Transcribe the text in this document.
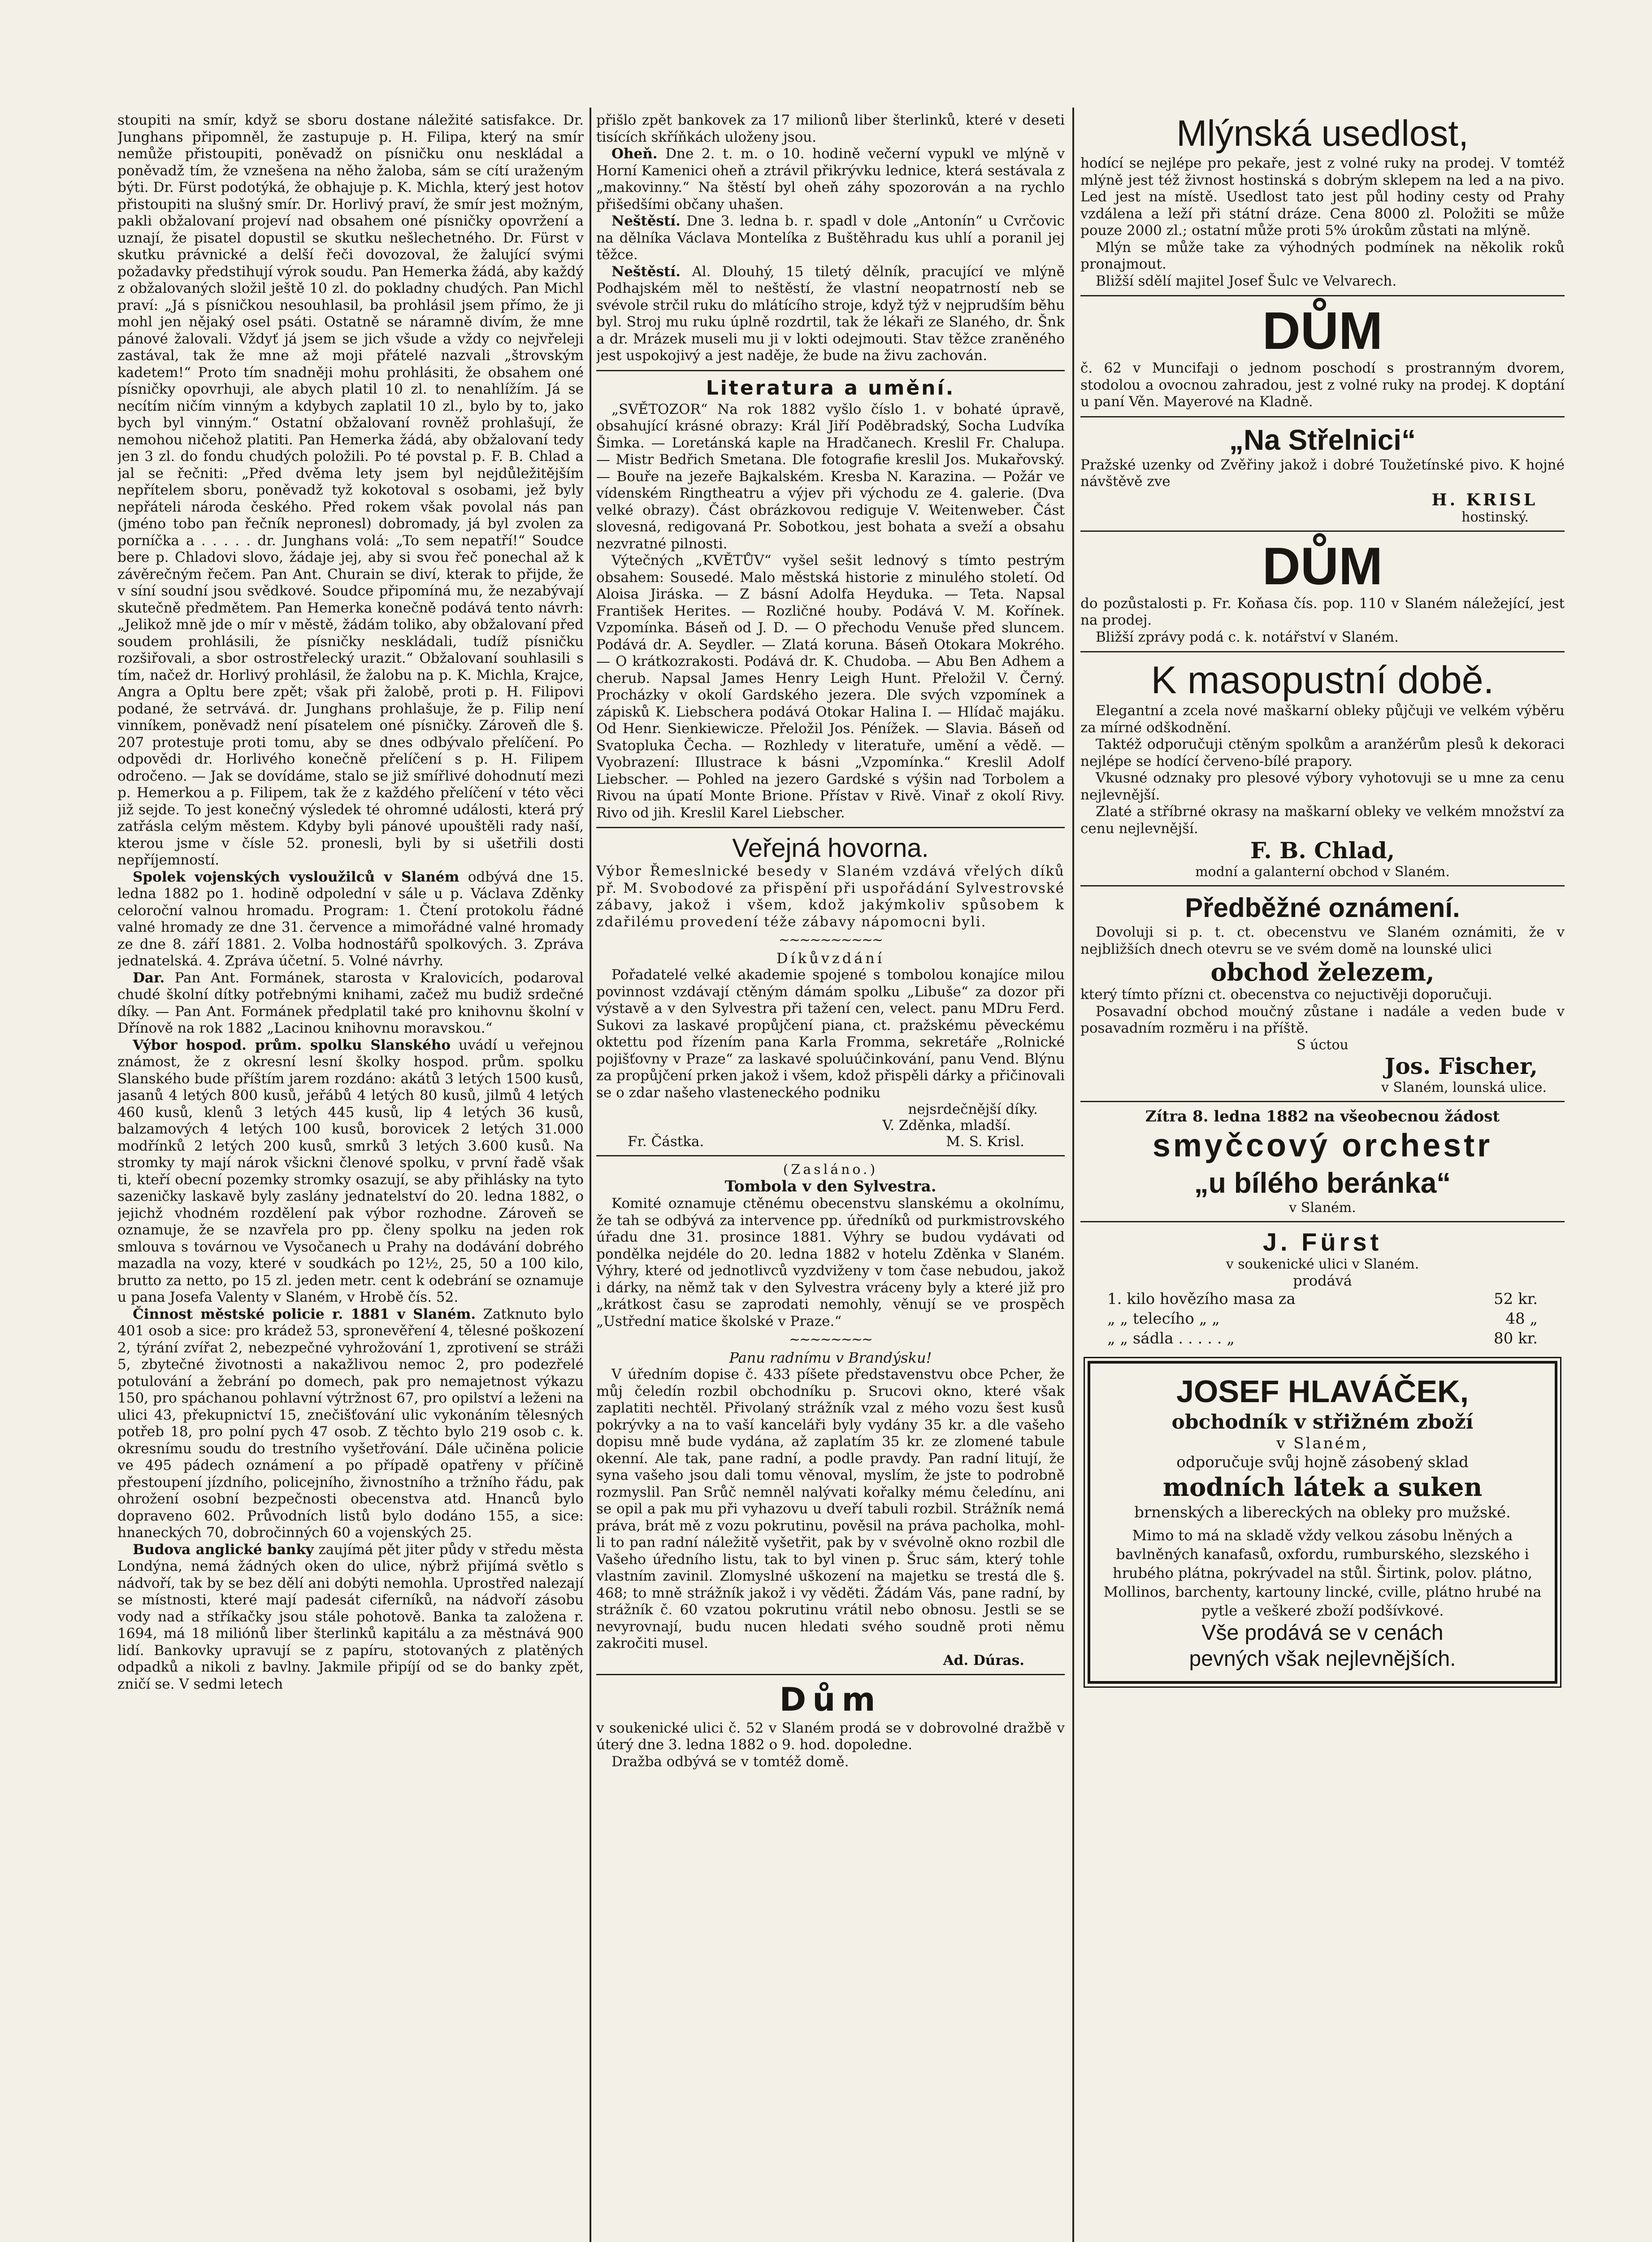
stoupiti na smír, když se sboru dostane náležité satisfakce. Dr. Junghans připomněl, že zastupuje p. H. Filipa, který na smír nemůže přistoupiti, poněvadž on písničku onu neskládal a poněvadž tím, že vznešena na něho žaloba, sám se cítí uraženým býti. Dr. Fürst podotýká, že obhajuje p. K. Michla, který jest hotov přistoupiti na slušný smír. Dr. Horlivý praví, že smír jest možným, pakli obžalovaní projeví nad obsahem oné písničky opovržení a uznají, že pisatel dopustil se skutku nešlechetného. Dr. Fürst v skutku právnické a delší řeči dovozoval, že žalující svými požadavky předstihují výrok soudu. Pan Hemerka žádá, aby každý z obžalovaných složil ještě 10 zl. do pokladny chudých. Pan Michl praví: „Já s písničkou nesouhlasil, ba prohlásil jsem přímo, že ji mohl jen nějaký osel psáti. Ostatně se náramně divím, že mne pánové žalovali. Vždyť já jsem se jich všude a vždy co nejvřeleji zastával, tak že mne až moji přátelé nazvali „štrovským kadetem!“ Proto tím snadněji mohu prohlásiti, že obsahem oné písničky opovrhuji, ale abych platil 10 zl. to nenahlížím. Já se necítím ničím vinným a kdybych zaplatil 10 zl., bylo by to, jako bych byl vinným.“ Ostatní obžalovaní rovněž prohlašují, že nemohou ničehož platiti. Pan Hemerka žádá, aby obžalovaní tedy jen 3 zl. do fondu chudých položili. Po té povstal p. F. B. Chlad a jal se řečniti: „Před dvěma lety jsem byl nejdůležitějším nepřítelem sboru, poněvadž tyž kokotoval s osobami, jež byly nepřáteli národa českého. Před rokem však povolal nás pan (jméno tobo pan řečník nepronesl) dobromady, já byl zvolen za porníčka a . . . . . dr. Junghans volá: „To sem nepatří!“ Soudce bere p. Chladovi slovo, žádaje jej, aby si svou řeč ponechal až k závěrečným řečem. Pan Ant. Churain se diví, kterak to přijde, že v síní soudní jsou svědkové. Soudce připomíná mu, že nezabývají skutečně předmětem. Pan Hemerka konečně podává tento návrh: „Jelikož mně jde o mír v městě, žádám toliko, aby obžalovaní před soudem prohlásili, že písničky neskládali, tudíž písničku rozšiřovali, a sbor ostrostřelecký urazit.“ Obžalovaní souhlasili s tím, načež dr. Horlivý prohlásil, že žalobu na p. K. Michla, Krajce, Angra a Opltu bere zpět; však při žalobě, proti p. H. Filipovi podané, že setrvává. dr. Junghans prohlašuje, že p. Filip není vinníkem, poněvadž není písatelem oné písničky. Zároveň dle §. 207 protestuje proti tomu, aby se dnes odbývalo přelíčení. Po odpovědi dr. Horlivého konečně přelíčení s p. H. Filipem odročeno. — Jak se dovídáme, stalo se již smířlivé dohodnutí mezi p. Hemerkou a p. Filipem, tak že z každého přelíčení v této věci již sejde. To jest konečný výsledek té ohromné události, která prý zatřásla celým městem. Kdyby byli pánové upouštěli rady naší, kterou jsme v čísle 52. pronesli, byli by si ušetřili dosti nepříjemností.

Spolek vojenských vysloužilců v Slaném odbývá dne 15. ledna 1882 po 1. hodině odpolední v sále u p. Václava Zděnky celoroční valnou hromadu. Program: 1. Čtení protokolu řádné valné hromady ze dne 31. července a mimořádné valné hromady ze dne 8. září 1881. 2. Volba hodnostářů spolkových. 3. Zpráva jednatelská. 4. Zpráva účetní. 5. Volné návrhy.

Dar. Pan Ant. Formánek, starosta v Kralovicích, podaroval chudé školní dítky potřebnými knihami, začež mu budiž srdečné díky. — Pan Ant. Formánek předplatil také pro knihovnu školní v Dřínově na rok 1882 „Lacinou knihovnu moravskou.“

Výbor hospod. prům. spolku Slanského uvádí u veřejnou známost, že z okresní lesní školky hospod. prům. spolku Slanského bude příštím jarem rozdáno: akátů 3 letých 1500 kusů, jasanů 4 letých 800 kusů, jeřábů 4 letých 80 kusů, jilmů 4 letých 460 kusů, klenů 3 letých 445 kusů, lip 4 letých 36 kusů, balzamových 4 letých 100 kusů, borovicek 2 letých 31.000 modřínků 2 letých 200 kusů, smrků 3 letých 3.600 kusů. Na stromky ty mají nárok všickni členové spolku, v první řadě však ti, kteří obecní pozemky stromky osazují, se aby přihlásky na tyto sazeničky laskavě byly zaslány jednatelství do 20. ledna 1882, o jejichž vhodném rozdělení pak výbor rozhodne. Zároveň se oznamuje, že se nzavřela pro pp. členy spolku na jeden rok smlouva s továrnou ve Vysočanech u Prahy na dodávání dobrého mazadla na vozy, které v soudkách po 12½, 25, 50 a 100 kilo, brutto za netto, po 15 zl. jeden metr. cent k odebrání se oznamuje u pana Josefa Valenty v Slaném, v Hrobě čís. 52.

Činnost městské policie r. 1881 v Slaném. Zatknuto bylo 401 osob a sice: pro krádež 53, spronevěření 4, tělesné poškození 2, týrání zvířat 2, nebezpečné vyhrožování 1, zprotivení se stráži 5, zbytečné životnosti a nakažlivou nemoc 2, pro podezřelé potulování a žebrání po domech, pak pro nemajetnost výkazu 150, pro spáchanou pohlavní výtržnost 67, pro opilství a leženi na ulici 43, překupnictví 15, znečišťování ulic vykonáním tělesných potřeb 18, pro polní pych 47 osob. Z těchto bylo 219 osob c. k. okresnímu soudu do trestního vyšetřování. Dále učiněna policie ve 495 pádech oznámení a po případě opatřeny v příčině přestoupení jízdního, policejního, živnostního a tržního řádu, pak ohrožení osobní bezpečnosti obecenstva atd. Hnanců bylo dopraveno 602. Průvodních listů bylo dodáno 155, a sice: hnaneckých 70, dobročinných 60 a vojenských 25.

Budova anglické banky zaujímá pět jiter půdy v středu města Londýna, nemá žádných oken do ulice, nýbrž přijímá světlo s nádvoří, tak by se bez dělí ani dobýti nemohla. Uprostřed nalezají se místnosti, které mají padesát ciferníků, na nádvoří zásobu vody nad a stříkačky jsou stále pohotově. Banka ta založena r. 1694, má 18 miliónů liber šterlinků kapitálu a za městnává 900 lidí. Bankovky upravují se z papíru, stotovaných z platěných odpadků a nikoli z bavlny. Jakmile připíjí od se do banky zpět, zničí se. V sedmi letech

přišlo zpět bankovek za 17 milionů liber šterlinků, které v deseti tisících skříňkách uloženy jsou.

Oheň. Dne 2. t. m. o 10. hodině večerní vypukl ve mlýně v Horní Kamenici oheň a ztrávil přikrývku lednice, která sestávala z „makovinny.“ Na štěstí byl oheň záhy spozorován a na rychlo přišedšími občany uhašen.

Neštěstí. Dne 3. ledna b. r. spadl v dole „Antonín“ u Cvrčovic na dělníka Václava Montelíka z Buštěhradu kus uhlí a poranil jej těžce.

Neštěstí. Al. Dlouhý, 15 tiletý dělník, pracující ve mlýně Podhajském měl to neštěstí, že vlastní neopatrností neb se svévole strčil ruku do mlátícího stroje, když týž v nejprudším běhu byl. Stroj mu ruku úplně rozdrtil, tak že lékaři ze Slaného, dr. Šnk a dr. Mrázek museli mu ji v lokti odejmouti. Stav těžce zraněného jest uspokojivý a jest naděje, že bude na živu zachován.

Literatura a umění.

„SVĚTOZOR“ Na rok 1882 vyšlo číslo 1. v bohaté úpravě, obsahující krásné obrazy: Král Jiří Poděbradský, Socha Ludvíka Šimka. — Loretánská kaple na Hradčanech. Kreslil Fr. Chalupa. — Mistr Bedřich Smetana. Dle fotografie kreslil Jos. Mukařovský. — Bouře na jezeře Bajkalském. Kresba N. Karazina. — Požár ve vídenském Ringtheatru a výjev při východu ze 4. galerie. (Dva velké obrazy). Část obrázkovou rediguje V. Weitenweber. Část slovesná, redigovaná Pr. Sobotkou, jest bohata a sveží a obsahu nezvratné pilnosti.

Výtečných „KVĚTŮV“ vyšel sešit lednový s tímto pestrým obsahem: Sousedé. Malo městská historie z minulého století. Od Aloisa Jiráska. — Z básní Adolfa Heyduka. — Teta. Napsal František Herites. — Rozličné houby. Podává V. M. Kořínek. Vzpomínka. Báseň od J. D. — O přechodu Venuše před sluncem. Podává dr. A. Seydler. — Zlatá koruna. Báseň Otokara Mokrého. — O krátkozrakosti. Podává dr. K. Chudoba. — Abu Ben Adhem a cherub. Napsal James Henry Leigh Hunt. Přeložil V. Černý. Procházky v okolí Gardského jezera. Dle svých vzpomínek a zápisků K. Liebschera podává Otokar Halina I. — Hlídač majáku. Od Henr. Sienkiewicze. Přeložil Jos. Pénížek. — Slavia. Báseň od Svatopluka Čecha. — Rozhledy v literatuře, umění a vědě. — Vyobrazení: Illustrace k básni „Vzpomínka.“ Kreslil Adolf Liebscher. — Pohled na jezero Gardské s výšin nad Torbolem a Rivou na úpatí Monte Brione. Přístav v Rivě. Vinař z okolí Rivy. Rivo od jih. Kreslil Karel Liebscher.

Veřejná hovorna.

Výbor Řemeslnické besedy v Slaném vzdává vřelých díků př. M. Svobodové za přispění při uspořádání Sylvestrovské zábavy, jakož i všem, kdož jakýmkoliv spůsobem k zdařilému provedení téže zábavy nápomocni byli.

∼∼∼∼∼∼∼∼∼∼
Díkůvzdání

Pořadatelé velké akademie spojené s tombolou konajíce milou povinnost vzdávají ctěným dámám spolku „Libuše“ za dozor při výstavě a v den Sylvestra při tažení cen, velect. panu MDru Ferd. Sukovi za laskavé propůjčení piana, ct. pražskému pěveckému oktettu pod řízením pana Karla Fromma, sekretáře „Rolnické pojišťovny v Praze“ za laskavé spoluúčinkování, panu Vend. Blýnu za propůjčení prken jakož i všem, kdož přispěli dárky a přičinovali se o zdar našeho vlasteneckého podniku

nejsrdečnější díky.
V. Zděnka, mladší.
Fr. Částka.	M. S. Krisl.
(Zasláno.)
Tombola v den Sylvestra.

Komité oznamuje ctěnému obecenstvu slanskému a okolnímu, že tah se odbývá za intervence pp. úředníků od purkmistrovského úřadu dne 31. prosince 1881. Výhry se budou vydávati od pondělka nejdéle do 20. ledna 1882 v hotelu Zděnka v Slaném. Výhry, které od jednotlivců vyzdviženy v tom čase nebudou, jakož i dárky, na němž tak v den Sylvestra vráceny byly a které již pro „krátkost času se zaprodati nemohly, věnují se ve prospěch „Ustřední matice školské v Praze.“

∼∼∼∼∼∼∼∼
Panu radnímu v Brandýsku!

V úředním dopise č. 433 píšete představenstvu obce Pcher, že můj čeledín rozbil obchodníku p. Srucovi okno, které však zaplatiti nechtěl. Přivolaný strážník vzal z mého vozu šest kusů pokrývky a na to vaší kanceláři byly vydány 35 kr. a dle vašeho dopisu mně bude vydána, až zaplatím 35 kr. ze zlomené tabule okenní. Ale tak, pane radní, a podle pravdy. Pan radní litují, že syna vašeho jsou dali tomu věnoval, myslím, že jste to podrobně rozmyslil. Pan Srůč nemněl nalývati kořalky mému čeledínu, ani se opil a pak mu při vyhazovu u dveří tabuli rozbil. Strážník nemá práva, brát mě z vozu pokrutinu, pověsil na práva pacholka, mohl-li to pan radní náležitě vyšetřit, pak by v svévolně okno rozbil dle Vašeho úředního listu, tak to byl vinen p. Šruc sám, který tohle vlastním zavinil. Zlomyslné uškození na majetku se trestá dle §. 468; to mně strážník jakož i vy věděti. Žádám Vás, pane radní, by strážník č. 60 vzatou pokrutinu vrátil nebo obnosu. Jestli se se nevyrovnají, budu nucen hledati svého soudně proti němu zakročiti musel.

Ad. Dúras.
Dům

v soukenické ulici č. 52 v Slaném prodá se v dobrovolné dražbě v úterý dne 3. ledna 1882 o 9. hod. dopoledne.

Dražba odbývá se v tomtéž domě.

Mlýnská usedlost,

hodící se nejlépe pro pekaře, jest z volné ruky na prodej. V tomtéž mlýně jest též živnost hostinská s dobrým sklepem na led a na pivo. Led jest na místě. Usedlost tato jest půl hodiny cesty od Prahy vzdálena a leží při státní dráze. Cena 8000 zl. Položiti se může pouze 2000 zl.; ostatní může proti 5% úrokům zůstati na mlýně.

Mlýn se může take za výhodných podmínek na několik roků pronajmout.

Bližší sdělí majitel Josef Šulc ve Velvarech.

DŮM

č. 62 v Muncifaji o jednom poschodí s prostranným dvorem, stodolou a ovocnou zahradou, jest z volné ruky na prodej. K doptání u paní Věn. Mayerové na Kladně.

„Na Střelnici“

Pražské uzenky od Zvěřiny jakož i dobré Toužetínské pivo. K hojné návštěvě zve

H. KRISL
hostinský.
DŮM

do pozůstalosti p. Fr. Koňasa čís. pop. 110 v Slaném náležející, jest na prodej.

Bližší zprávy podá c. k. notářství v Slaném.

K masopustní době.

Elegantní a zcela nové maškarní obleky půjčuji ve velkém výběru za mírné odškodnění.

Taktéž odporučuji ctěným spolkům a aranžérům plesů k dekoraci nejlépe se hodící červeno-bílé prapory.

Vkusné odznaky pro plesové výbory vyhotovuji se u mne za cenu nejlevnější.

Zlaté a stříbrné okrasy na maškarní obleky ve velkém množství za cenu nejlevnější.

F. B. Chlad,
modní a galanterní obchod v Slaném.
Předběžné oznámení.

Dovoluji si p. t. ct. obecenstvu ve Slaném oznámiti, že v nejbližších dnech otevru se ve svém domě na lounské ulici

obchod železem,

který tímto přízni ct. obecenstva co nejuctivěji doporučuji.

Posavadní obchod moučný zůstane i nadále a veden bude v posavadním rozměru i na příště.

S úctou
Jos. Fischer,
v Slaném, lounská ulice.
Zítra 8. ledna 1882 na všeobecnou žádost
smyčcový orchestr
„u bílého beránka“
v Slaném.
J. Fürst
v soukenické ulici v Slaném.
prodává
1. kilo hovězího masa za	52 kr.
„ „ telecího „ „	48 „
„ „ sádla . . . . . „	80 kr.
JOSEF HLAVÁČEK,
obchodník v střižném zboží
v Slaném,
odporučuje svůj hojně zásobený sklad
modních látek a suken
brnenských a libereckých na obleky pro mužské.

Mimo to má na skladě vždy velkou zásobu lněných a bavlněných kanafasů, oxfordu, rumburského, slezského i hrubého plátna, pokrývadel na stůl. Širtink, polov. plátno, Mollinos, barchenty, kartouny lincké, cville, plátno hrubé na pytle a veškeré zboží podšívkové.

Vše prodává se v cenách
pevných však nejlevnějších.
